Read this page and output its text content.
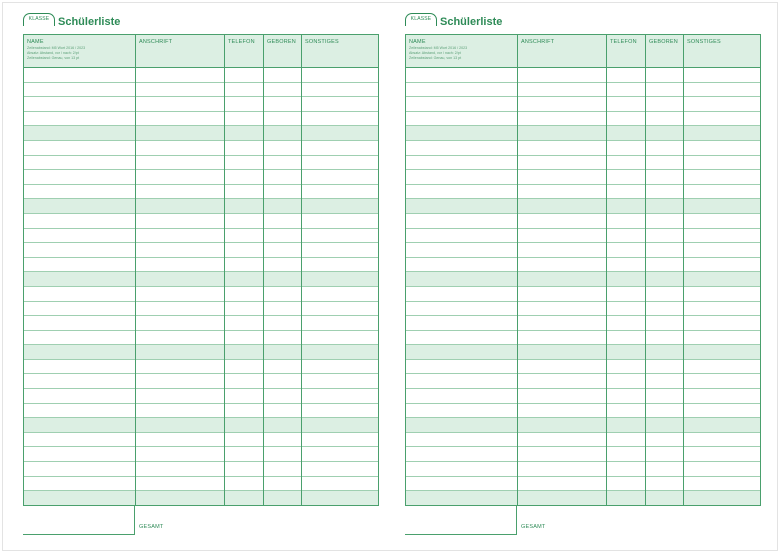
KLASSE Schülerliste
NAME
Zeilenabstand: M5 Wort 2016 / 2023
Absatz: Abstand, vor / nach: 2/pt
Zeilenabstand: Genau, von 13 pt
ANSCHRIFT	TELEFON GEBOREN SONSTIGES
GESAMT
KLASSE Schülerliste
NAME
Zeilenabstand: M5 Wort 2016 / 2023
Absatz: Abstand, vor / nach: 2/pt
Zeilenabstand: Genau, von 13 pt
ANSCHRIFT	TELEFON GEBOREN SONSTIGES
GESAMT
